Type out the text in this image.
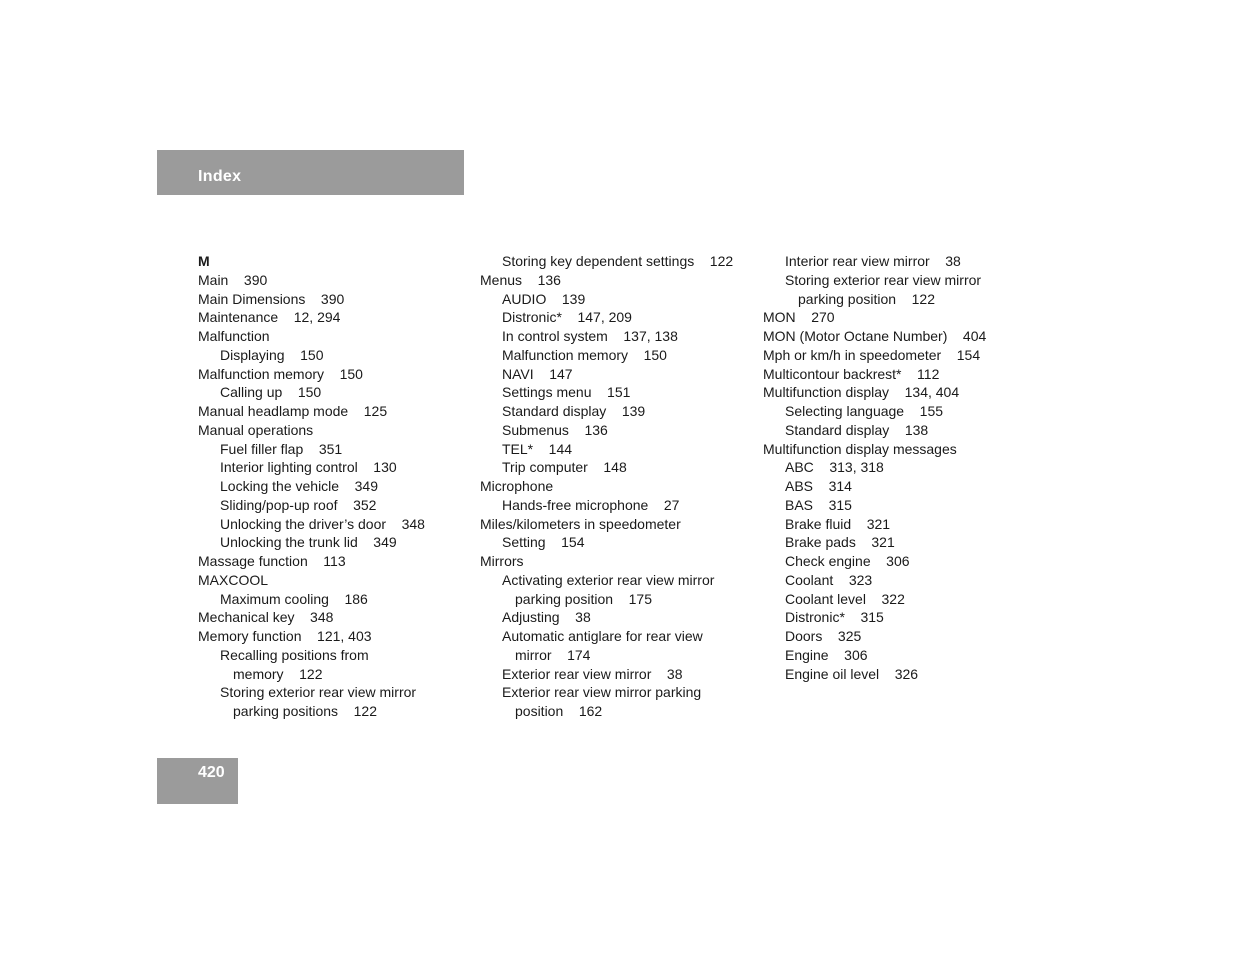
Index
M
Main    390
Main Dimensions    390
Maintenance    12, 294
Malfunction
Displaying    150
Malfunction memory    150
Calling up    150
Manual headlamp mode    125
Manual operations
Fuel filler flap    351
Interior lighting control    130
Locking the vehicle    349
Sliding/pop-up roof    352
Unlocking the driver’s door    348
Unlocking the trunk lid    349
Massage function    113
MAXCOOL
Maximum cooling    186
Mechanical key    348
Memory function    121, 403
Recalling positions from
memory    122
Storing exterior rear view mirror
parking positions    122
Storing key dependent settings    122
Menus    136
AUDIO    139
Distronic*    147, 209
In control system    137, 138
Malfunction memory    150
NAVI    147
Settings menu    151
Standard display    139
Submenus    136
TEL*    144
Trip computer    148
Microphone
Hands-free microphone    27
Miles/kilometers in speedometer
Setting    154
Mirrors
Activating exterior rear view mirror
parking position    175
Adjusting    38
Automatic antiglare for rear view
mirror    174
Exterior rear view mirror    38
Exterior rear view mirror parking
position    162
Interior rear view mirror    38
Storing exterior rear view mirror
parking position    122
MON    270
MON (Motor Octane Number)    404
Mph or km/h in speedometer    154
Multicontour backrest*    112
Multifunction display    134, 404
Selecting language    155
Standard display    138
Multifunction display messages
ABC    313, 318
ABS    314
BAS    315
Brake fluid    321
Brake pads    321
Check engine    306
Coolant    323
Coolant level    322
Distronic*    315
Doors    325
Engine    306
Engine oil level    326
420
